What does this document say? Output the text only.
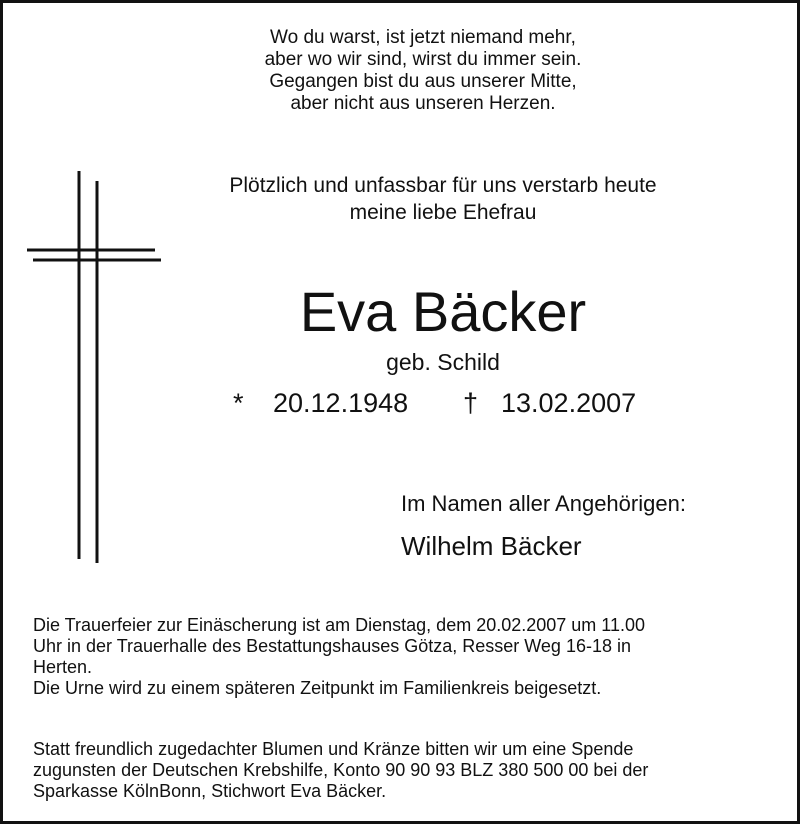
Wo du warst, ist jetzt niemand mehr,
aber wo wir sind, wirst du immer sein.
Gegangen bist du aus unserer Mitte,
aber nicht aus unseren Herzen.
Plötzlich und unfassbar für uns verstarb heute
meine liebe Ehefrau
Eva Bäcker
geb. Schild
* 20.12.1948 † 13.02.2007
Im Namen aller Angehörigen:
Wilhelm Bäcker
Die Trauerfeier zur Einäscherung ist am Dienstag, dem 20.02.2007 um 11.00
Uhr in der Trauerhalle des Bestattungshauses Götza, Resser Weg 16-18 in
Herten.
Die Urne wird zu einem späteren Zeitpunkt im Familienkreis beigesetzt.
Statt freundlich zugedachter Blumen und Kränze bitten wir um eine Spende
zugunsten der Deutschen Krebshilfe, Konto 90 90 93 BLZ 380 500 00 bei der
Sparkasse KölnBonn, Stichwort Eva Bäcker.
